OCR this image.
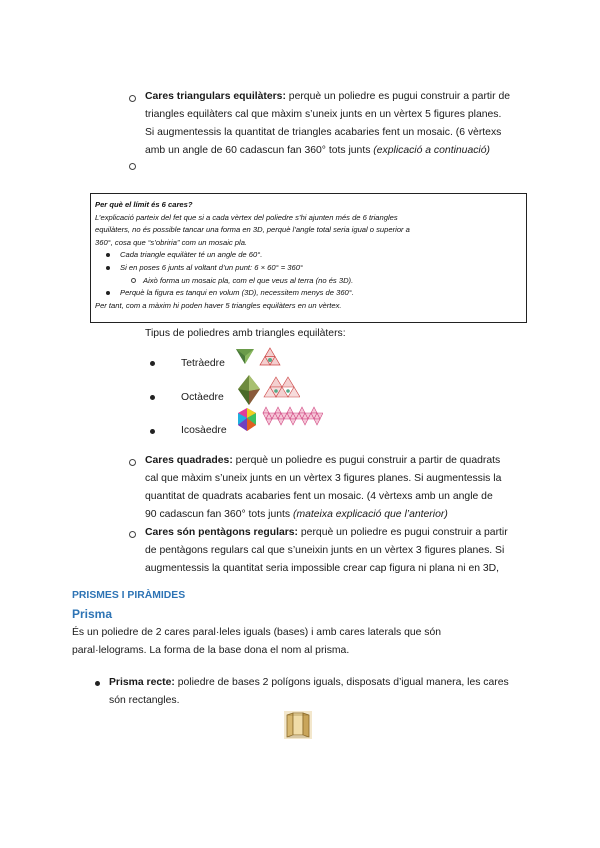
Cares triangulars equilàters: perquè un poliedre es pugui construir a partir de
triangles equilàters cal que màxim s’uneix junts en un vèrtex 5 figures planes.
Si augmentessis la quantitat de triangles acabaries fent un mosaic. (6 vèrtexs
amb un angle de 60 cadascun fan 360° tots junts (explicació a continuació)
Per què el límit és 6 cares?
L’explicació parteix del fet que si a cada vèrtex del poliedre s’hi ajunten més de 6 triangles
equilàters, no és possible tancar una forma en 3D, perquè l’angle total seria igual o superior a
360°, cosa que “s’obriria” com un mosaic pla.
Cada triangle equilàter té un angle de 60°.
Si en poses 6 junts al voltant d’un punt: 6 × 60° = 360°
Això forma un mosaic pla, com el que veus al terra (no és 3D).
Perquè la figura es tanqui en volum (3D), necessitem menys de 360°.
Per tant, com a màxim hi poden haver 5 triangles equilàters en un vèrtex.
Tipus de poliedres amb triangles equilàters:
Tetràedre
Octàedre
Icosàedre
Cares quadrades: perquè un poliedre es pugui construir a partir de quadrats
cal que màxim s’uneix junts en un vèrtex 3 figures planes. Si augmentessis la
quantitat de quadrats acabaries fent un mosaic. (4 vèrtexs amb un angle de
90 cadascun fan 360° tots junts (mateixa explicació que l’anterior)
Cares són pentàgons regulars: perquè un poliedre es pugui construir a partir
de pentàgons regulars cal que s’uneixin junts en un vèrtex 3 figures planes. Si
augmentessis la quantitat seria impossible crear cap figura ni plana ni en 3D,
PRISMES I PIRÀMIDES
Prisma
És un poliedre de 2 cares paral·leles iguals (bases) i amb cares laterals que són
paral·lelograms. La forma de la base dona el nom al prisma.
Prisma recte: poliedre de bases 2 polígons iguals, disposats d’igual manera, les cares
són rectangles.
